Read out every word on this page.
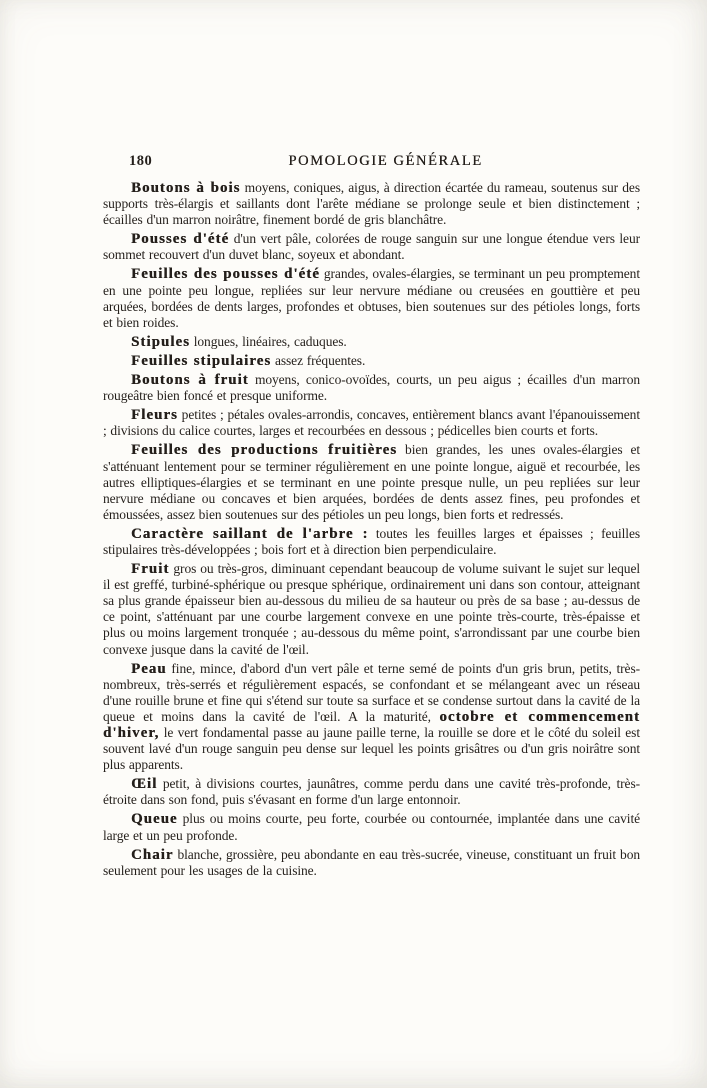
180	POMOLOGIE GÉNÉRALE

Boutons à bois moyens, coniques, aigus, à direction écartée du rameau, soutenus sur des supports très-élargis et saillants dont l'arête médiane se prolonge seule et bien distinctement ; écailles d'un marron noirâtre, finement bordé de gris blanchâtre.

Pousses d'été d'un vert pâle, colorées de rouge sanguin sur une longue étendue vers leur sommet recouvert d'un duvet blanc, soyeux et abondant.

Feuilles des pousses d'été grandes, ovales-élargies, se terminant un peu promptement en une pointe peu longue, repliées sur leur nervure médiane ou creusées en gouttière et peu arquées, bordées de dents larges, profondes et obtuses, bien soutenues sur des pétioles longs, forts et bien roides.

Stipules longues, linéaires, caduques.

Feuilles stipulaires assez fréquentes.

Boutons à fruit moyens, conico-ovoïdes, courts, un peu aigus ; écailles d'un marron rougeâtre bien foncé et presque uniforme.

Fleurs petites ; pétales ovales-arrondis, concaves, entièrement blancs avant l'épanouissement ; divisions du calice courtes, larges et recourbées en dessous ; pédicelles bien courts et forts.

Feuilles des productions fruitières bien grandes, les unes ovales-élargies et s'atténuant lentement pour se terminer régulièrement en une pointe longue, aiguë et recourbée, les autres elliptiques-élargies et se terminant en une pointe presque nulle, un peu repliées sur leur nervure médiane ou concaves et bien arquées, bordées de dents assez fines, peu profondes et émoussées, assez bien soutenues sur des pétioles un peu longs, bien forts et redressés.

Caractère saillant de l'arbre : toutes les feuilles larges et épaisses ; feuilles stipulaires très-développées ; bois fort et à direction bien perpendiculaire.

Fruit gros ou très-gros, diminuant cependant beaucoup de volume suivant le sujet sur lequel il est greffé, turbiné-sphérique ou presque sphérique, ordinairement uni dans son contour, atteignant sa plus grande épaisseur bien au-dessous du milieu de sa hauteur ou près de sa base ; au-dessus de ce point, s'atténuant par une courbe largement convexe en une pointe très-courte, très-épaisse et plus ou moins largement tronquée ; au-dessous du même point, s'arrondissant par une courbe bien convexe jusque dans la cavité de l'œil.

Peau fine, mince, d'abord d'un vert pâle et terne semé de points d'un gris brun, petits, très-nombreux, très-serrés et régulièrement espacés, se confondant et se mélangeant avec un réseau d'une rouille brune et fine qui s'étend sur toute sa surface et se condense surtout dans la cavité de la queue et moins dans la cavité de l'œil. A la maturité, octobre et commencement d'hiver, le vert fondamental passe au jaune paille terne, la rouille se dore et le côté du soleil est souvent lavé d'un rouge sanguin peu dense sur lequel les points grisâtres ou d'un gris noirâtre sont plus apparents.

Œil petit, à divisions courtes, jaunâtres, comme perdu dans une cavité très-profonde, très-étroite dans son fond, puis s'évasant en forme d'un large entonnoir.

Queue plus ou moins courte, peu forte, courbée ou contournée, implantée dans une cavité large et un peu profonde.

Chair blanche, grossière, peu abondante en eau très-sucrée, vineuse, constituant un fruit bon seulement pour les usages de la cuisine.
